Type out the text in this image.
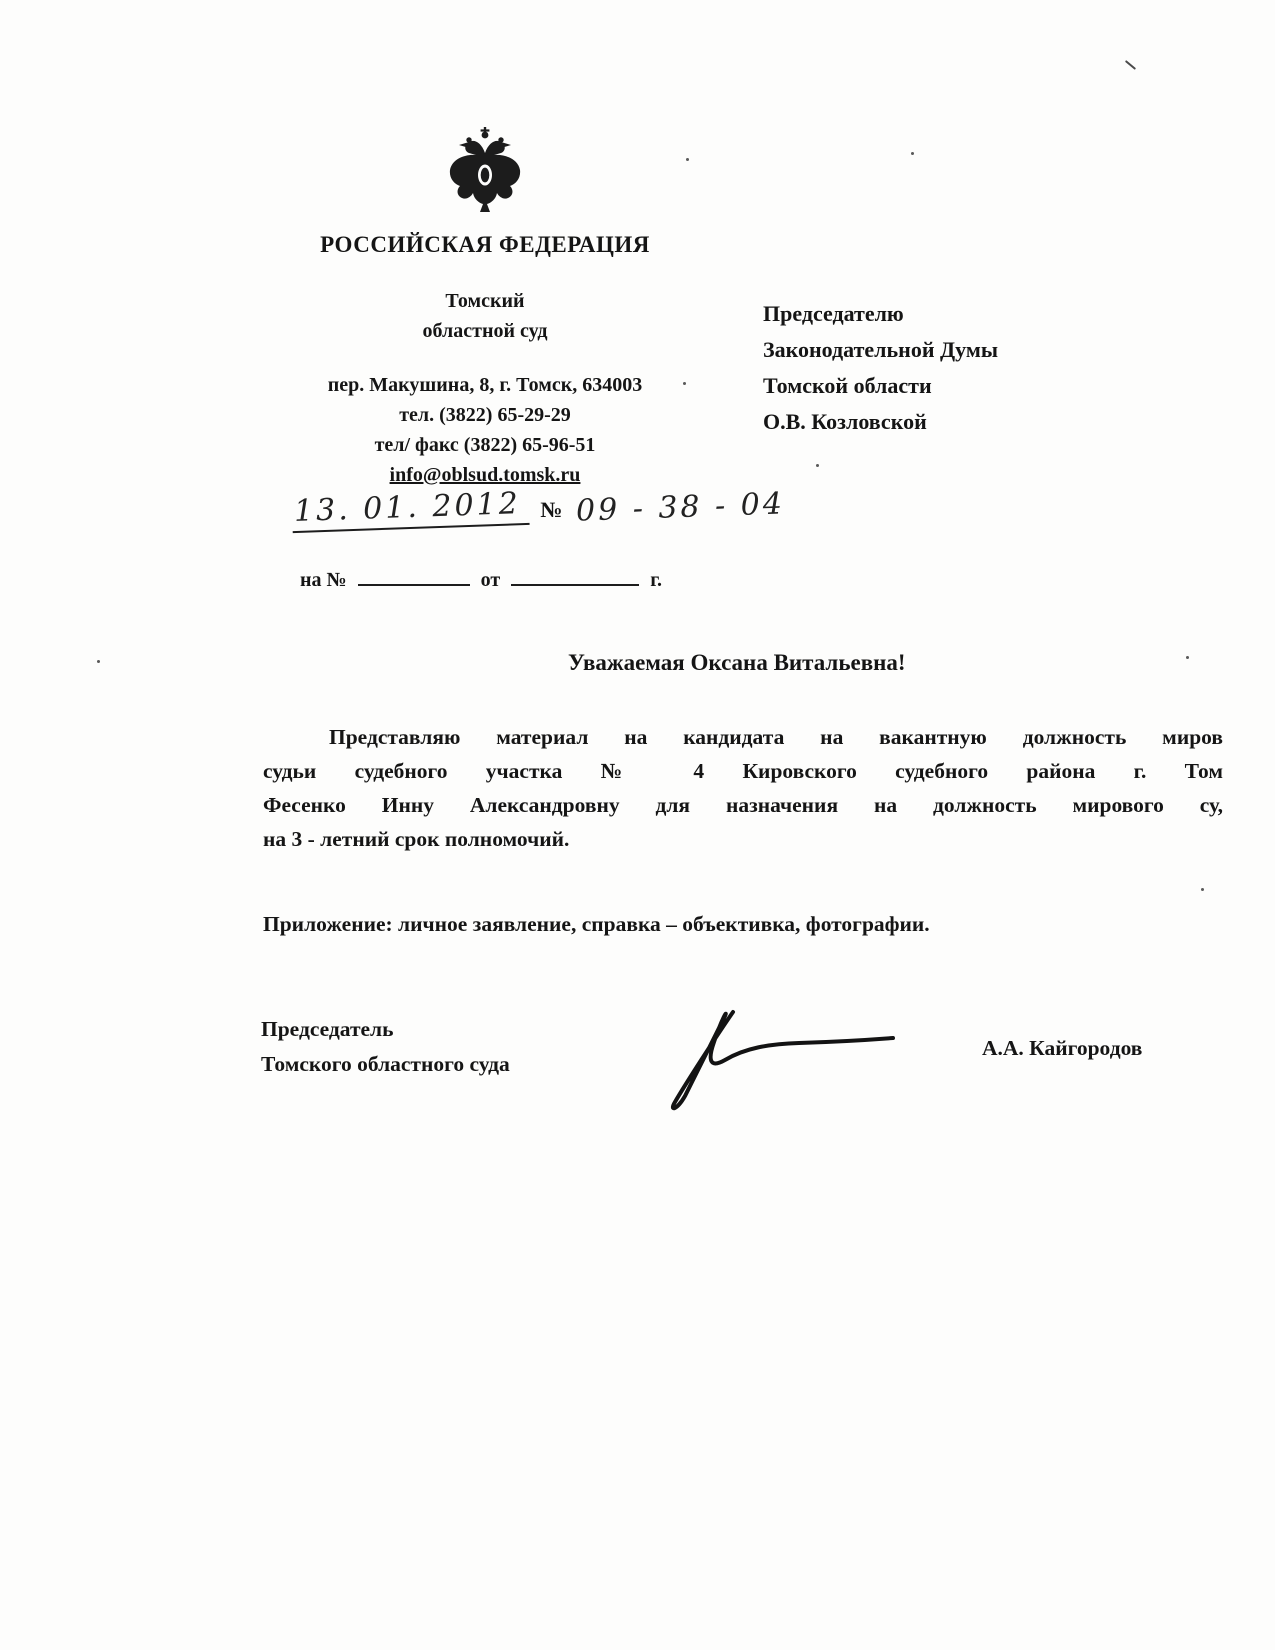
РОССИЙСКАЯ ФЕДЕРАЦИЯ
Томский
областной суд
пер. Макушина, 8, г. Томск, 634003
тел. (3822) 65-29-29
тел/ факс (3822) 65-96-51
info@oblsud.tomsk.ru
13. 01. 2012 № 09 - 38 - 04
на №	от	г.
Председателю
Законодательной Думы
Томской области
О.В. Козловской
Уважаемая Оксана Витальевна!
Представляю материал на кандидата на вакантную должность миров
судьи судебного участка № 4 Кировского судебного района г. Том
Фесенко Инну Александровну для назначения на должность мирового су,
на 3 - летний срок полномочий.
Приложение: личное заявление, справка – объективка, фотографии.
Председатель
Томского областного суда
А.А. Кайгородов
